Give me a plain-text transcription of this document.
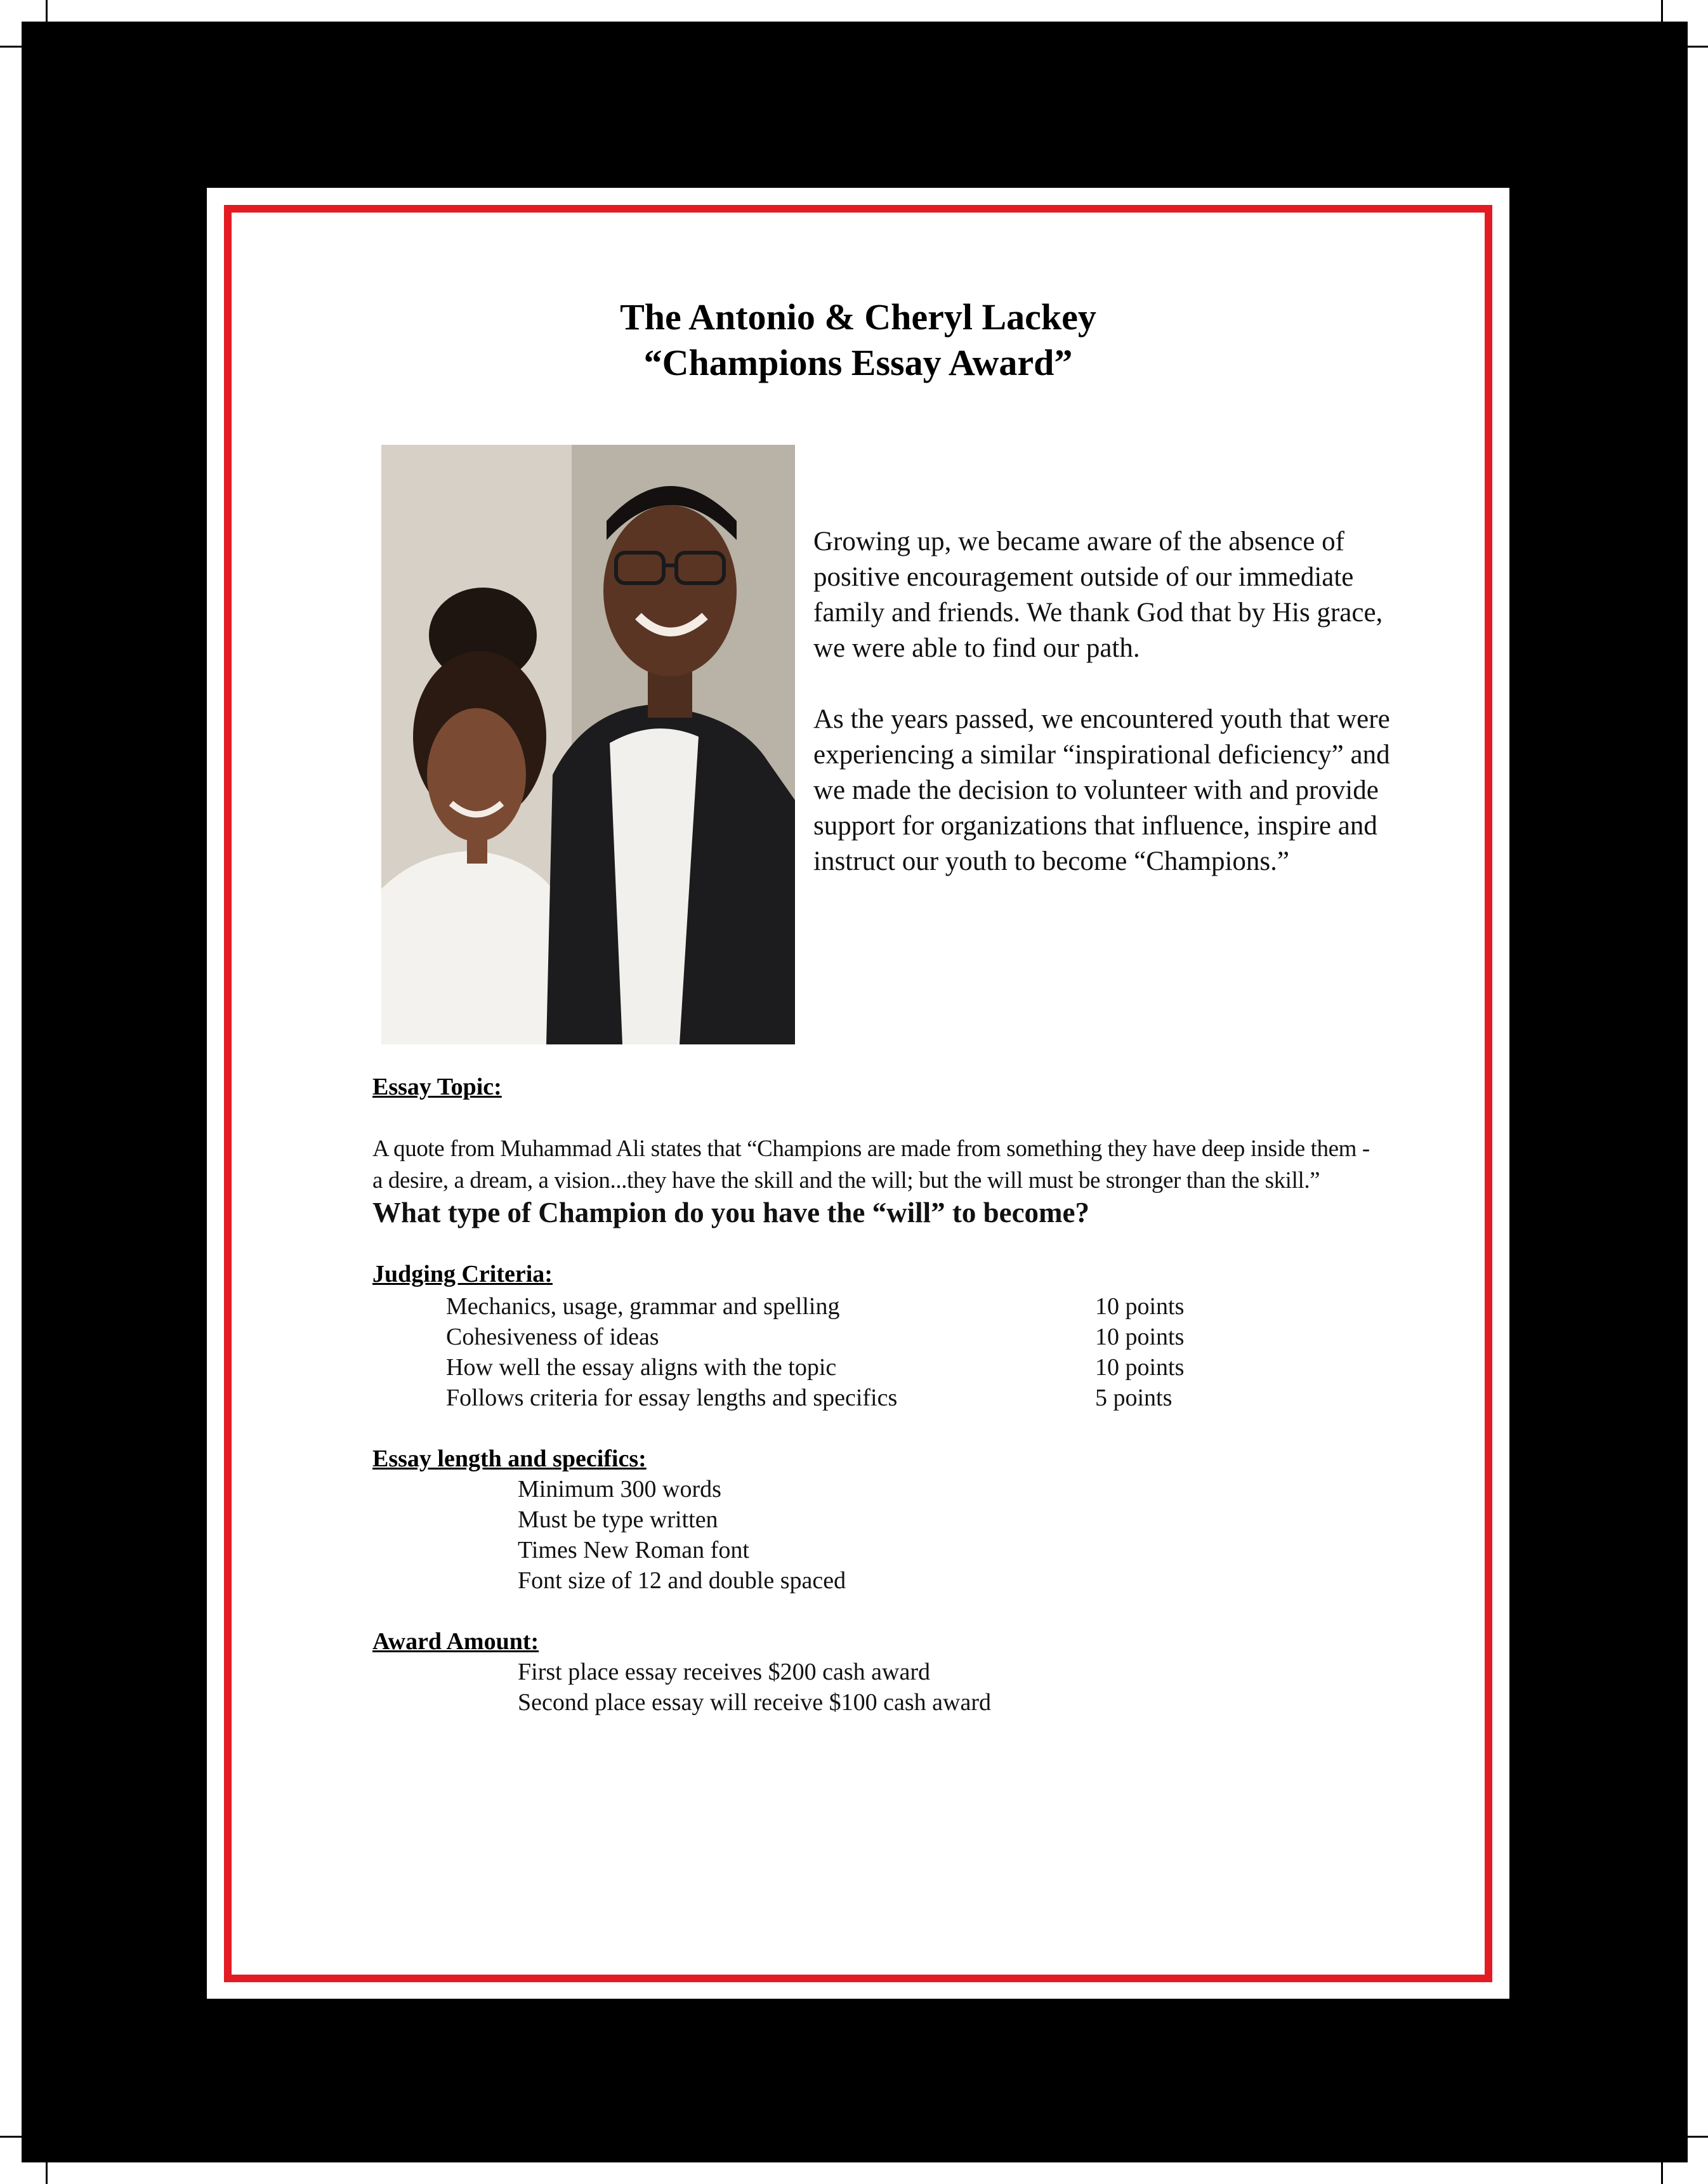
The Antonio & Cheryl Lackey
“Champions Essay Award”

Growing up, we became aware of the absence of positive encouragement outside of our immediate family and friends. We thank God that by His grace, we were able to find our path.

As the years passed, we encountered youth that were experiencing a similar “inspirational deficiency” and we made the decision to volunteer with and provide support for organizations that influence, inspire and instruct our youth to become “Champions.”

Essay Topic:
A quote from Muhammad Ali states that “Champions are made from something they have deep inside them - a desire, a dream, a vision...they have the skill and the will; but the will must be stronger than the skill.” What type of Champion do you have the “will” to become?
Judging Criteria:
Mechanics, usage, grammar and spelling	10 points
Cohesiveness of ideas	10 points
How well the essay aligns with the topic	10 points
Follows criteria for essay lengths and specifics	5 points
Essay length and specifics:
Minimum 300 words
Must be type written
Times New Roman font
Font size of 12 and double spaced
Award Amount:
First place essay receives $200 cash award
Second place essay will receive $100 cash award
